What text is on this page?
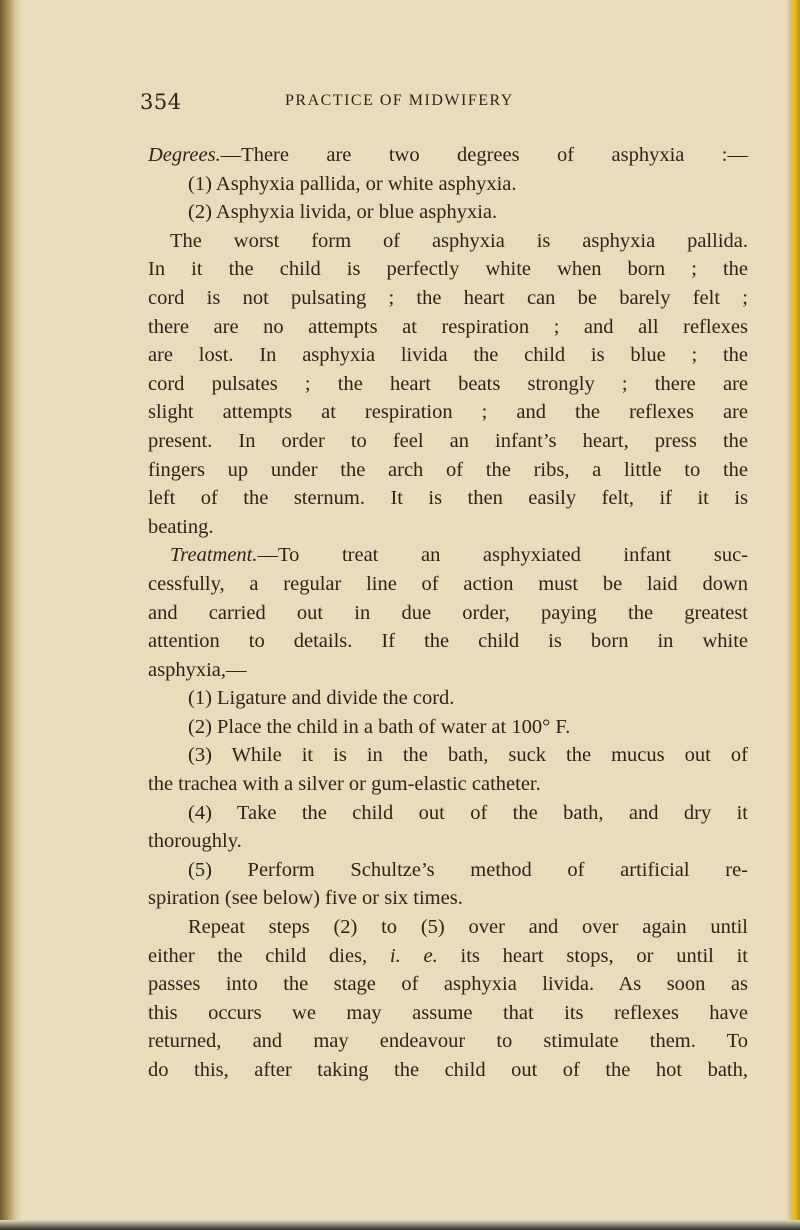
354	PRACTICE OF MIDWIFERY
Degrees.—There are two degrees of asphyxia :—
(1) Asphyxia pallida, or white asphyxia.
(2) Asphyxia livida, or blue asphyxia.
The worst form of asphyxia is asphyxia pallida.
In it the child is perfectly white when born ; the
cord is not pulsating ; the heart can be barely felt ;
there are no attempts at respiration ; and all reflexes
are lost. In asphyxia livida the child is blue ; the
cord pulsates ; the heart beats strongly ; there are
slight attempts at respiration ; and the reflexes are
present. In order to feel an infant’s heart, press the
fingers up under the arch of the ribs, a little to the
left of the sternum. It is then easily felt, if it is
beating.
Treatment.—To treat an asphyxiated infant suc-
cessfully, a regular line of action must be laid down
and carried out in due order, paying the greatest
attention to details. If the child is born in white
asphyxia,—
(1) Ligature and divide the cord.
(2) Place the child in a bath of water at 100° F.
(3) While it is in the bath, suck the mucus out of
the trachea with a silver or gum-elastic catheter.
(4) Take the child out of the bath, and dry it
thoroughly.
(5) Perform Schultze’s method of artificial re-
spiration (see below) five or six times.
Repeat steps (2) to (5) over and over again until
either the child dies, i. e. its heart stops, or until it
passes into the stage of asphyxia livida. As soon as
this occurs we may assume that its reflexes have
returned, and may endeavour to stimulate them. To
do this, after taking the child out of the hot bath,
